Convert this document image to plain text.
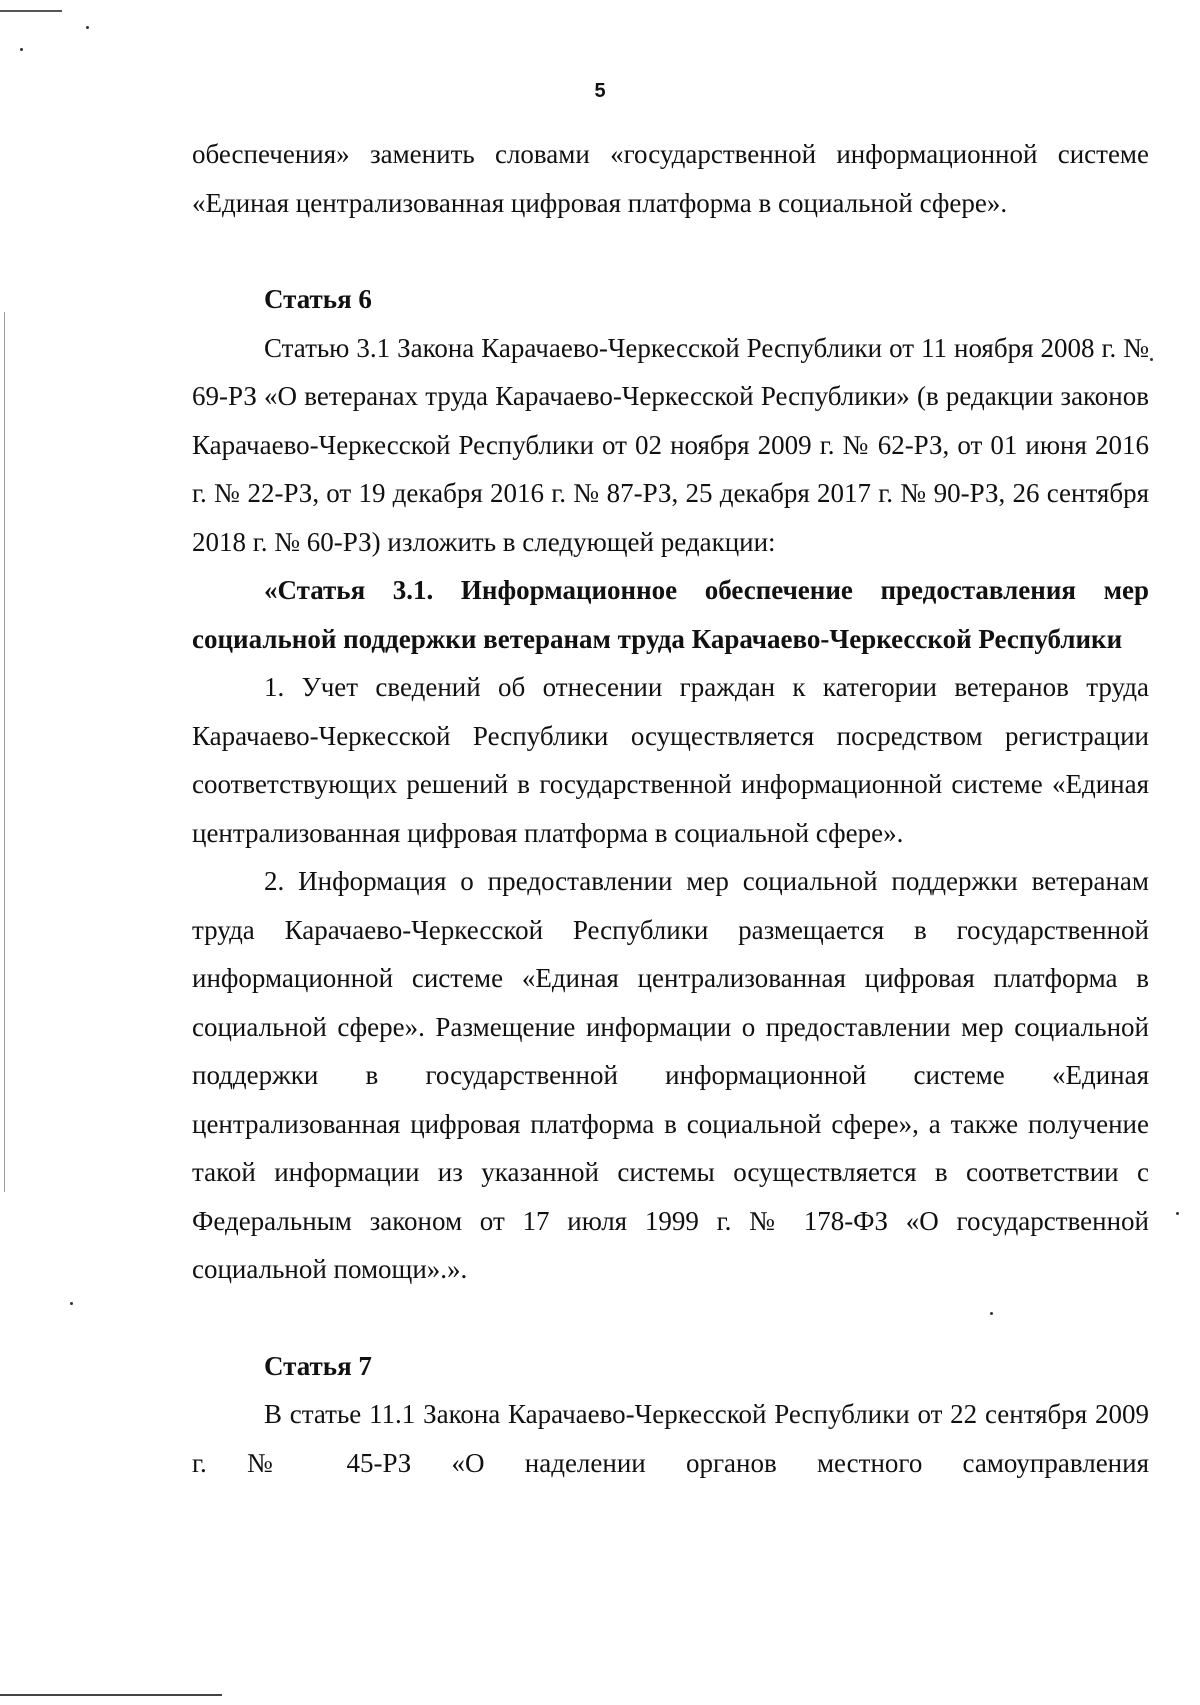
5

обеспечения» заменить словами «государственной информационной системе «Единая централизованная цифровая платформа в социальной сфере».

Статья 6

Статью 3.1 Закона Карачаево-Черкесской Республики от 11 ноября 2008 г. № 69-РЗ «О ветеранах труда Карачаево-Черкесской Республики» (в редакции законов Карачаево-Черкесской Республики от 02 ноября 2009 г. № 62-РЗ, от 01 июня 2016 г. № 22-РЗ, от 19 декабря 2016 г. № 87-РЗ, 25 декабря 2017 г. № 90-РЗ, 26 сентября 2018 г. № 60-РЗ) изложить в следующей редакции:

«Статья 3.1. Информационное обеспечение предоставления мер социальной поддержки ветеранам труда Карачаево-Черкесской Республики

1. Учет сведений об отнесении граждан к категории ветеранов труда Карачаево-Черкесской Республики осуществляется посредством регистрации соответствующих решений в государственной информационной системе «Единая централизованная цифровая платформа в социальной сфере».

2. Информация о предоставлении мер социальной поддержки ветеранам труда Карачаево-Черкесской Республики размещается в государственной информационной системе «Единая централизованная цифровая платформа в социальной сфере». Размещение информации о предоставлении мер социальной поддержки в государственной информационной системе «Единая централизованная цифровая платформа в социальной сфере», а также получение такой информации из указанной системы осуществляется в соответствии с Федеральным законом от 17 июля 1999 г. № 178-ФЗ «О государственной социальной помощи».».

Статья 7

В статье 11.1 Закона Карачаево-Черкесской Республики от 22 сентября 2009 г. № 45-РЗ «О наделении органов местного самоуправления
